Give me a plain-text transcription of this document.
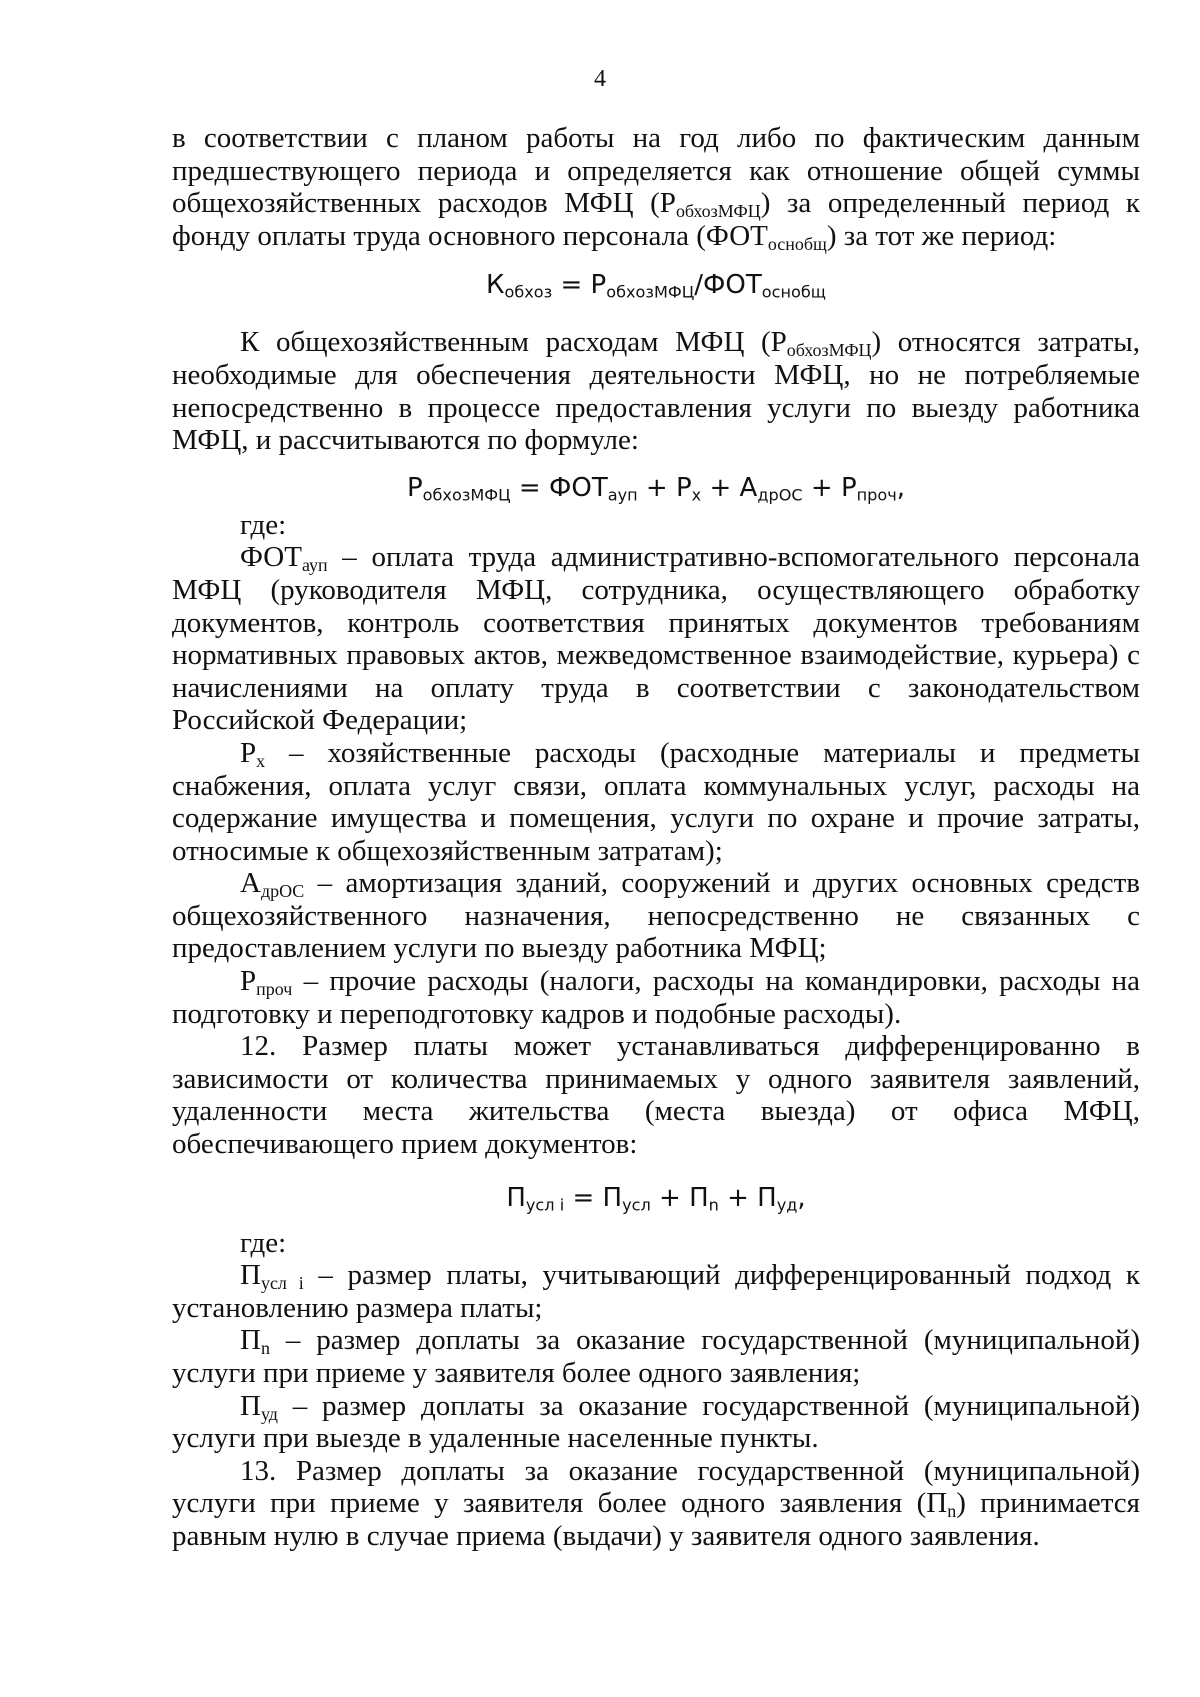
4

в соответствии с планом работы на год либо по фактическим данным предшествующего периода и определяется как отношение общей суммы общехозяйственных расходов МФЦ $(Р_{обхозМФЦ})$ за определенный период к фонду оплаты труда основного персонала $(ФОТ_{оснобщ})$ за тот же период:

$К_{обхоз} = Р_{обхозМФЦ}/ФОТ_{оснобщ}$

К общехозяйственным расходам МФЦ $(Р_{обхозМФЦ})$ относятся затраты, необходимые для обеспечения деятельности МФЦ, но не потребляемые непосредственно в процессе предоставления услуги по выезду работника МФЦ, и рассчитываются по формуле:

$Р_{обхозМФЦ} = ФОТ_{ауп} + Р_х + А_{дрОС} + Р_{проч}$,

где:

$ФОТ_{ауп}$ – оплата труда административно-вспомогательного персонала МФЦ (руководителя МФЦ, сотрудника, осуществляющего обработку документов, контроль соответствия принятых документов требованиям нормативных правовых актов, межведомственное взаимодействие, курьера) с начислениями на оплату труда в соответствии с законодательством Российской Федерации;

$Р_х$ – хозяйственные расходы (расходные материалы и предметы снабжения, оплата услуг связи, оплата коммунальных услуг, расходы на содержание имущества и помещения, услуги по охране и прочие затраты, относимые к общехозяйственным затратам);

$А_{дрОС}$ – амортизация зданий, сооружений и других основных средств общехозяйственного назначения, непосредственно не связанных с предоставлением услуги по выезду работника МФЦ;

$Р_{проч}$ – прочие расходы (налоги, расходы на командировки, расходы на подготовку и переподготовку кадров и подобные расходы).

12. Размер платы может устанавливаться дифференцированно в зависимости от количества принимаемых у одного заявителя заявлений, удаленности места жительства (места выезда) от офиса МФЦ, обеспечивающего прием документов:

$П_{усл i} = П_{усл} + П_n + П_{уд}$,

где:

$П_{усл i}$ – размер платы, учитывающий дифференцированный подход к установлению размера платы;

$П_n$ – размер доплаты за оказание государственной (муниципальной) услуги при приеме у заявителя более одного заявления;

$П_{уд}$ – размер доплаты за оказание государственной (муниципальной) услуги при выезде в удаленные населенные пункты.

13. Размер доплаты за оказание государственной (муниципальной) услуги при приеме у заявителя более одного заявления $(П_n)$ принимается равным нулю в случае приема (выдачи) у заявителя одного заявления.
